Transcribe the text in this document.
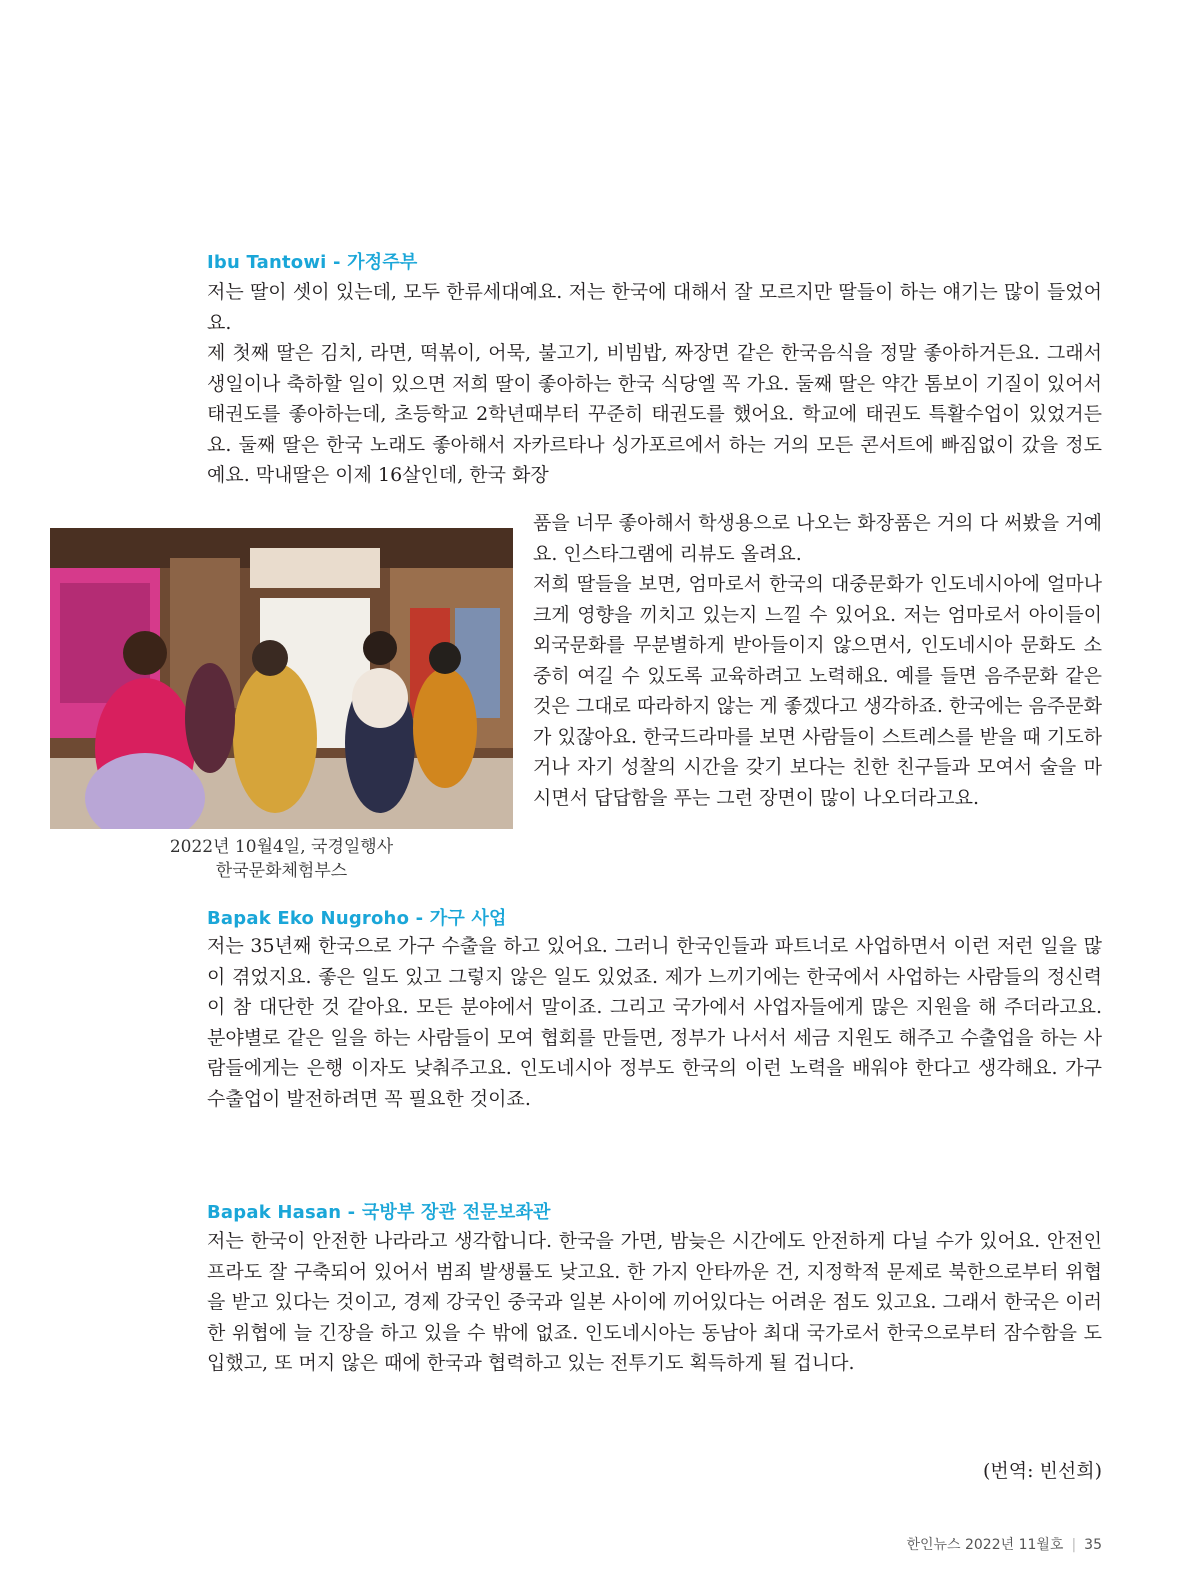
Ibu Tantowi - 가정주부

저는 딸이 셋이 있는데, 모두 한류세대예요. 저는 한국에 대해서 잘 모르지만 딸들이 하는 얘기는 많이 들었어요.

제 첫째 딸은 김치, 라면, 떡볶이, 어묵, 불고기, 비빔밥, 짜장면 같은 한국음식을 정말 좋아하거든요. 그래서 생일이나 축하할 일이 있으면 저희 딸이 좋아하는 한국 식당엘 꼭 가요. 둘째 딸은 약간 톰보이 기질이 있어서 태권도를 좋아하는데, 초등학교 2학년때부터 꾸준히 태권도를 했어요. 학교에 태권도 특활수업이 있었거든요. 둘째 딸은 한국 노래도 좋아해서 자카르타나 싱가포르에서 하는 거의 모든 콘서트에 빠짐없이 갔을 정도예요. 막내딸은 이제 16살인데, 한국 화장

2022년 10월4일, 국경일행사
한국문화체험부스

품을 너무 좋아해서 학생용으로 나오는 화장품은 거의 다 써봤을 거예요. 인스타그램에 리뷰도 올려요.

저희 딸들을 보면, 엄마로서 한국의 대중문화가 인도네시아에 얼마나 크게 영향을 끼치고 있는지 느낄 수 있어요. 저는 엄마로서 아이들이 외국문화를 무분별하게 받아들이지 않으면서, 인도네시아 문화도 소중히 여길 수 있도록 교육하려고 노력해요. 예를 들면 음주문화 같은 것은 그대로 따라하지 않는 게 좋겠다고 생각하죠. 한국에는 음주문화가 있잖아요. 한국드라마를 보면 사람들이 스트레스를 받을 때 기도하거나 자기 성찰의 시간을 갖기 보다는 친한 친구들과 모여서 술을 마시면서 답답함을 푸는 그런 장면이 많이 나오더라고요.

Bapak Eko Nugroho - 가구 사업

저는 35년째 한국으로 가구 수출을 하고 있어요. 그러니 한국인들과 파트너로 사업하면서 이런 저런 일을 많이 겪었지요. 좋은 일도 있고 그렇지 않은 일도 있었죠. 제가 느끼기에는 한국에서 사업하는 사람들의 정신력이 참 대단한 것 같아요. 모든 분야에서 말이죠. 그리고 국가에서 사업자들에게 많은 지원을 해 주더라고요. 분야별로 같은 일을 하는 사람들이 모여 협회를 만들면, 정부가 나서서 세금 지원도 해주고 수출업을 하는 사람들에게는 은행 이자도 낮춰주고요. 인도네시아 정부도 한국의 이런 노력을 배워야 한다고 생각해요. 가구 수출업이 발전하려면 꼭 필요한 것이죠.

Bapak Hasan - 국방부 장관 전문보좌관

저는 한국이 안전한 나라라고 생각합니다. 한국을 가면, 밤늦은 시간에도 안전하게 다닐 수가 있어요. 안전인프라도 잘 구축되어 있어서 범죄 발생률도 낮고요. 한 가지 안타까운 건, 지정학적 문제로 북한으로부터 위협을 받고 있다는 것이고, 경제 강국인 중국과 일본 사이에 끼어있다는 어려운 점도 있고요. 그래서 한국은 이러한 위협에 늘 긴장을 하고 있을 수 밖에 없죠. 인도네시아는 동남아 최대 국가로서 한국으로부터 잠수함을 도입했고, 또 머지 않은 때에 한국과 협력하고 있는 전투기도 획득하게 될 겁니다.

(번역: 빈선희)
한인뉴스 2022년 11월호 | 35
